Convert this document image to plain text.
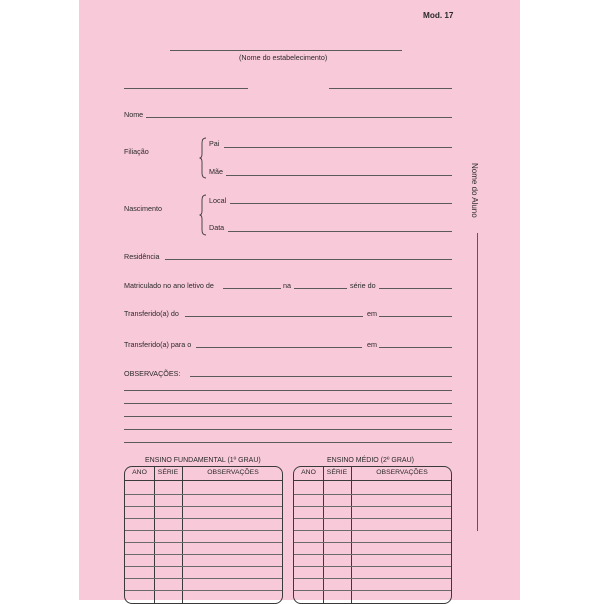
Mod. 17
(Nome do estabelecimento)
Nome
Filiação
Pai
Mãe
Nascimento
Local
Data
Residência
Matriculado no ano letivo de	na	série do
Transferido(a) do	em
Transferido(a) para o	em
OBSERVAÇÕES:
Nome do Aluno
ANO	SÉRIE	OBSERVAÇÕES
ENSINO FUNDAMENTAL (1º GRAU)
ANO	SÉRIE	OBSERVAÇÕES
ENSINO MÉDIO (2º GRAU)
